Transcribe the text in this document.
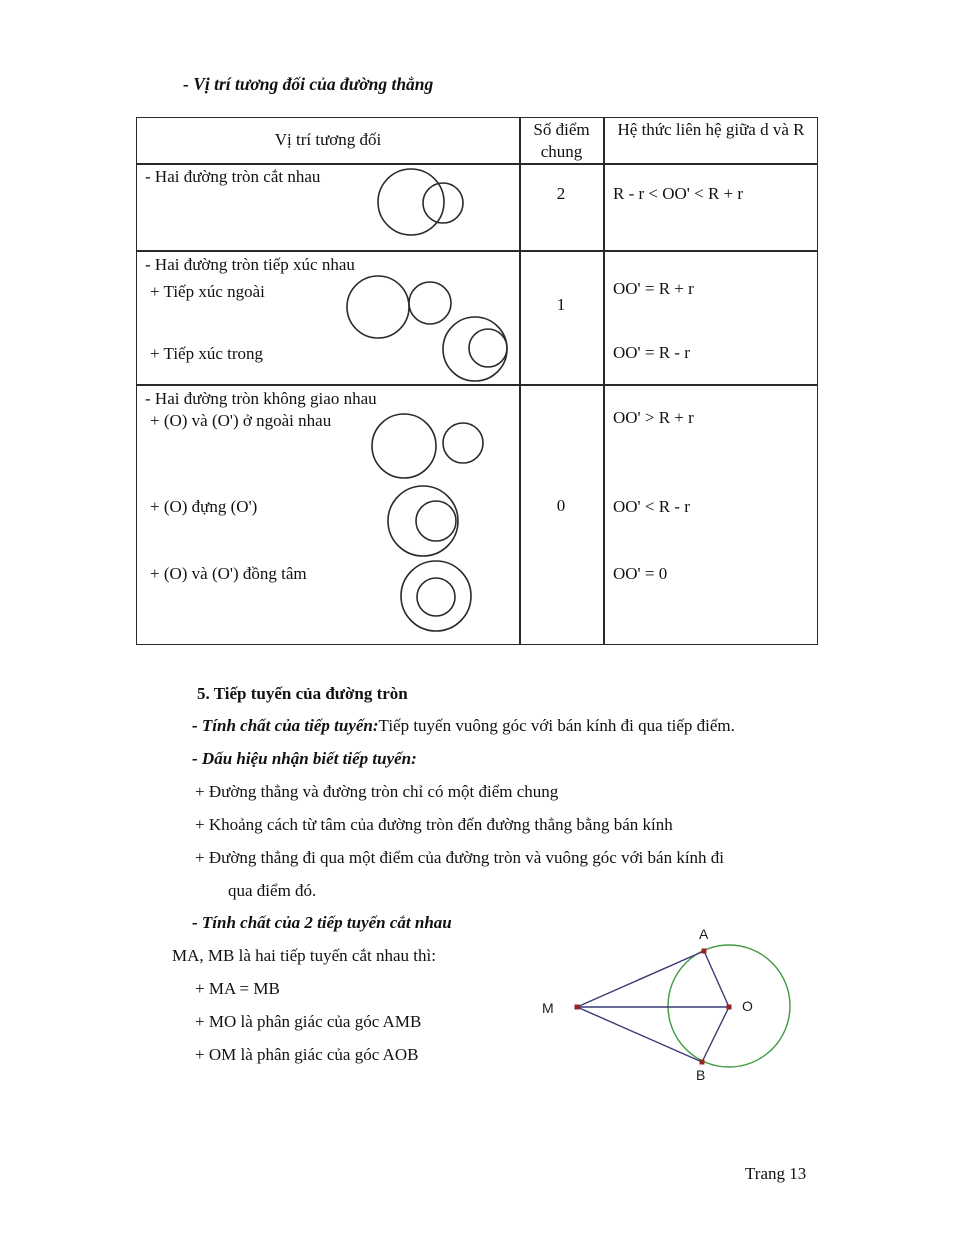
- Vị trí tương đối của đường thẳng
Vị trí tương đối
Số điểm chung
Hệ thức liên hệ giữa d và R
- Hai đường tròn cắt nhau
2	R - r < OO' < R + r
- Hai đường tròn tiếp xúc nhau
+ Tiếp xúc ngoài
+ Tiếp xúc trong
1
OO' = R + r
OO' = R - r
- Hai đường tròn không giao nhau
+ (O) và (O') ở ngoài nhau
+ (O) đựng (O')
+ (O) và (O') đồng tâm
0
OO' > R + r
OO' < R - r
OO' = 0
5. Tiếp tuyến của đường tròn
- Tính chất của tiếp tuyến:Tiếp tuyến vuông góc với bán kính đi qua tiếp điểm.
- Dấu hiệu nhận biết tiếp tuyến:
+ Đường thẳng và đường tròn chỉ có một điểm chung
+ Khoảng cách từ tâm của đường tròn đến đường thẳng bằng bán kính
+ Đường thẳng đi qua một điểm của đường tròn và vuông góc với bán kính đi
qua điểm đó.
- Tính chất của 2 tiếp tuyến cắt nhau
MA, MB là hai tiếp tuyến cắt nhau thì:
+ MA = MB
+ MO là phân giác của góc AMB
+ OM là phân giác của góc AOB
M
A
O
B
Trang 13
